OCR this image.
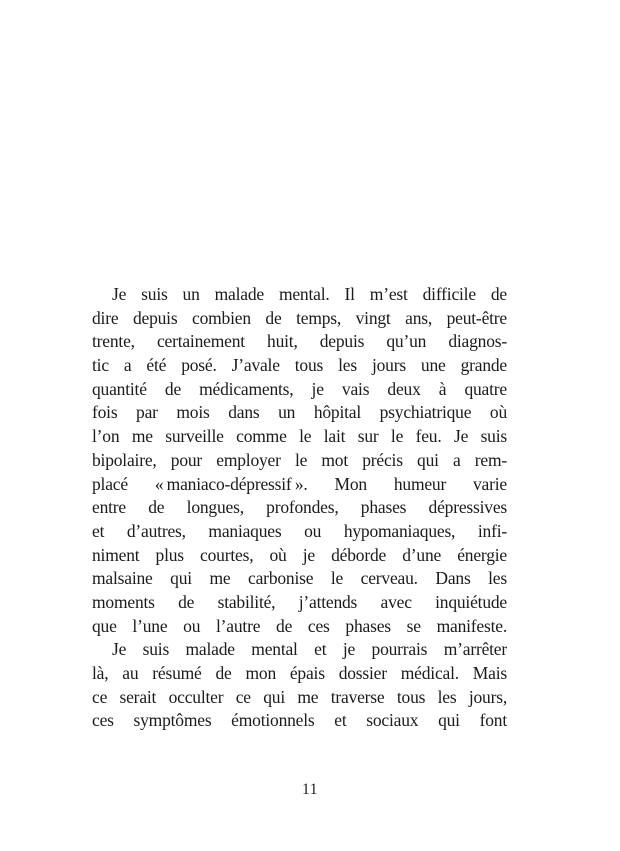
Je suis un malade mental. Il m’est difficile de
dire depuis combien de temps, vingt ans, peut-être
trente, certainement huit, depuis qu’un diagnos-
tic a été posé. J’avale tous les jours une grande
quantité de médicaments, je vais deux à quatre
fois par mois dans un hôpital psychiatrique où
l’on me surveille comme le lait sur le feu. Je suis
bipolaire, pour employer le mot précis qui a rem-
placé « maniaco-dépressif ». Mon humeur varie
entre de longues, profondes, phases dépressives
et d’autres, maniaques ou hypomaniaques, infi-
niment plus courtes, où je déborde d’une énergie
malsaine qui me carbonise le cerveau. Dans les
moments de stabilité, j’attends avec inquiétude
que l’une ou l’autre de ces phases se manifeste.
Je suis malade mental et je pourrais m’arrêter
là, au résumé de mon épais dossier médical. Mais
ce serait occulter ce qui me traverse tous les jours,
ces symptômes émotionnels et sociaux qui font
11
